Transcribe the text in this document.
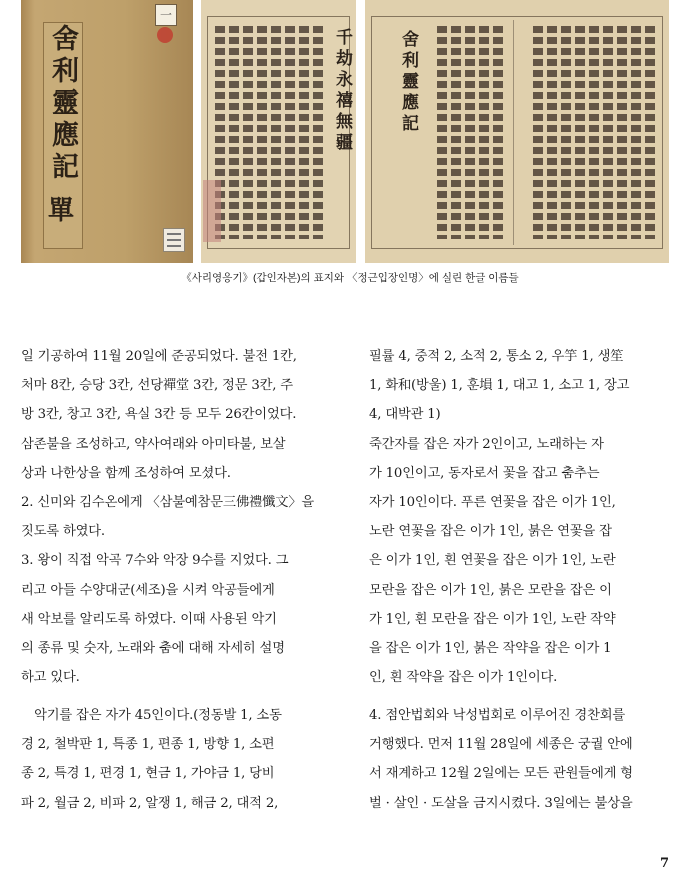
舍利靈應記
單
一
千劫永禧無疆	舍利靈應記
《사리영응기》(갑인자본)의 표지와 〈정근입장인명〉에 실린 한글 이름들
일 기공하여 11월 20일에 준공되었다. 불전 1칸,
처마 8칸, 승당 3칸, 선당禪堂 3칸, 정문 3칸, 주
방 3칸, 창고 3칸, 욕실 3칸 등 모두 26칸이었다.
삼존불을 조성하고, 약사여래와 아미타불, 보살
상과 나한상을 함께 조성하여 모셨다.
2. 신미와 김수온에게 〈삼불예참문三佛禮懺文〉을
짓도록 하였다.
3. 왕이 직접 악곡 7수와 악장 9수를 지었다. 그
리고 아들 수양대군(세조)을 시켜 악공들에게
새 악보를 알리도록 하였다. 이때 사용된 악기
의 종류 및 숫자, 노래와 춤에 대해 자세히 설명
하고 있다.
필률 4, 중적 2, 소적 2, 통소 2, 우竽 1, 생笙
1, 화和(방울) 1, 훈塤 1, 대고 1, 소고 1, 장고
4, 대박관 1)
죽간자를 잡은 자가 2인이고, 노래하는 자
가 10인이고, 동자로서 꽃을 잡고 춤추는
자가 10인이다. 푸른 연꽃을 잡은 이가 1인,
노란 연꽃을 잡은 이가 1인, 붉은 연꽃을 잡
은 이가 1인, 흰 연꽃을 잡은 이가 1인, 노란
모란을 잡은 이가 1인, 붉은 모란을 잡은 이
가 1인, 흰 모란을 잡은 이가 1인, 노란 작약
을 잡은 이가 1인, 붉은 작약을 잡은 이가 1
인, 흰 작약을 잡은 이가 1인이다.
　악기를 잡은 자가 45인이다.(정동발 1, 소동
경 2, 철박판 1, 특종 1, 편종 1, 방향 1, 소편
종 2, 특경 1, 편경 1, 현금 1, 가야금 1, 당비
파 2, 월금 2, 비파 2, 알쟁 1, 해금 2, 대적 2,
4. 점안법회와 낙성법회로 이루어진 경찬회를
거행했다. 먼저 11월 28일에 세종은 궁궐 안에
서 재계하고 12월 2일에는 모든 관원들에게 형
벌 · 살인 · 도살을 금지시켰다. 3일에는 불상을
7
